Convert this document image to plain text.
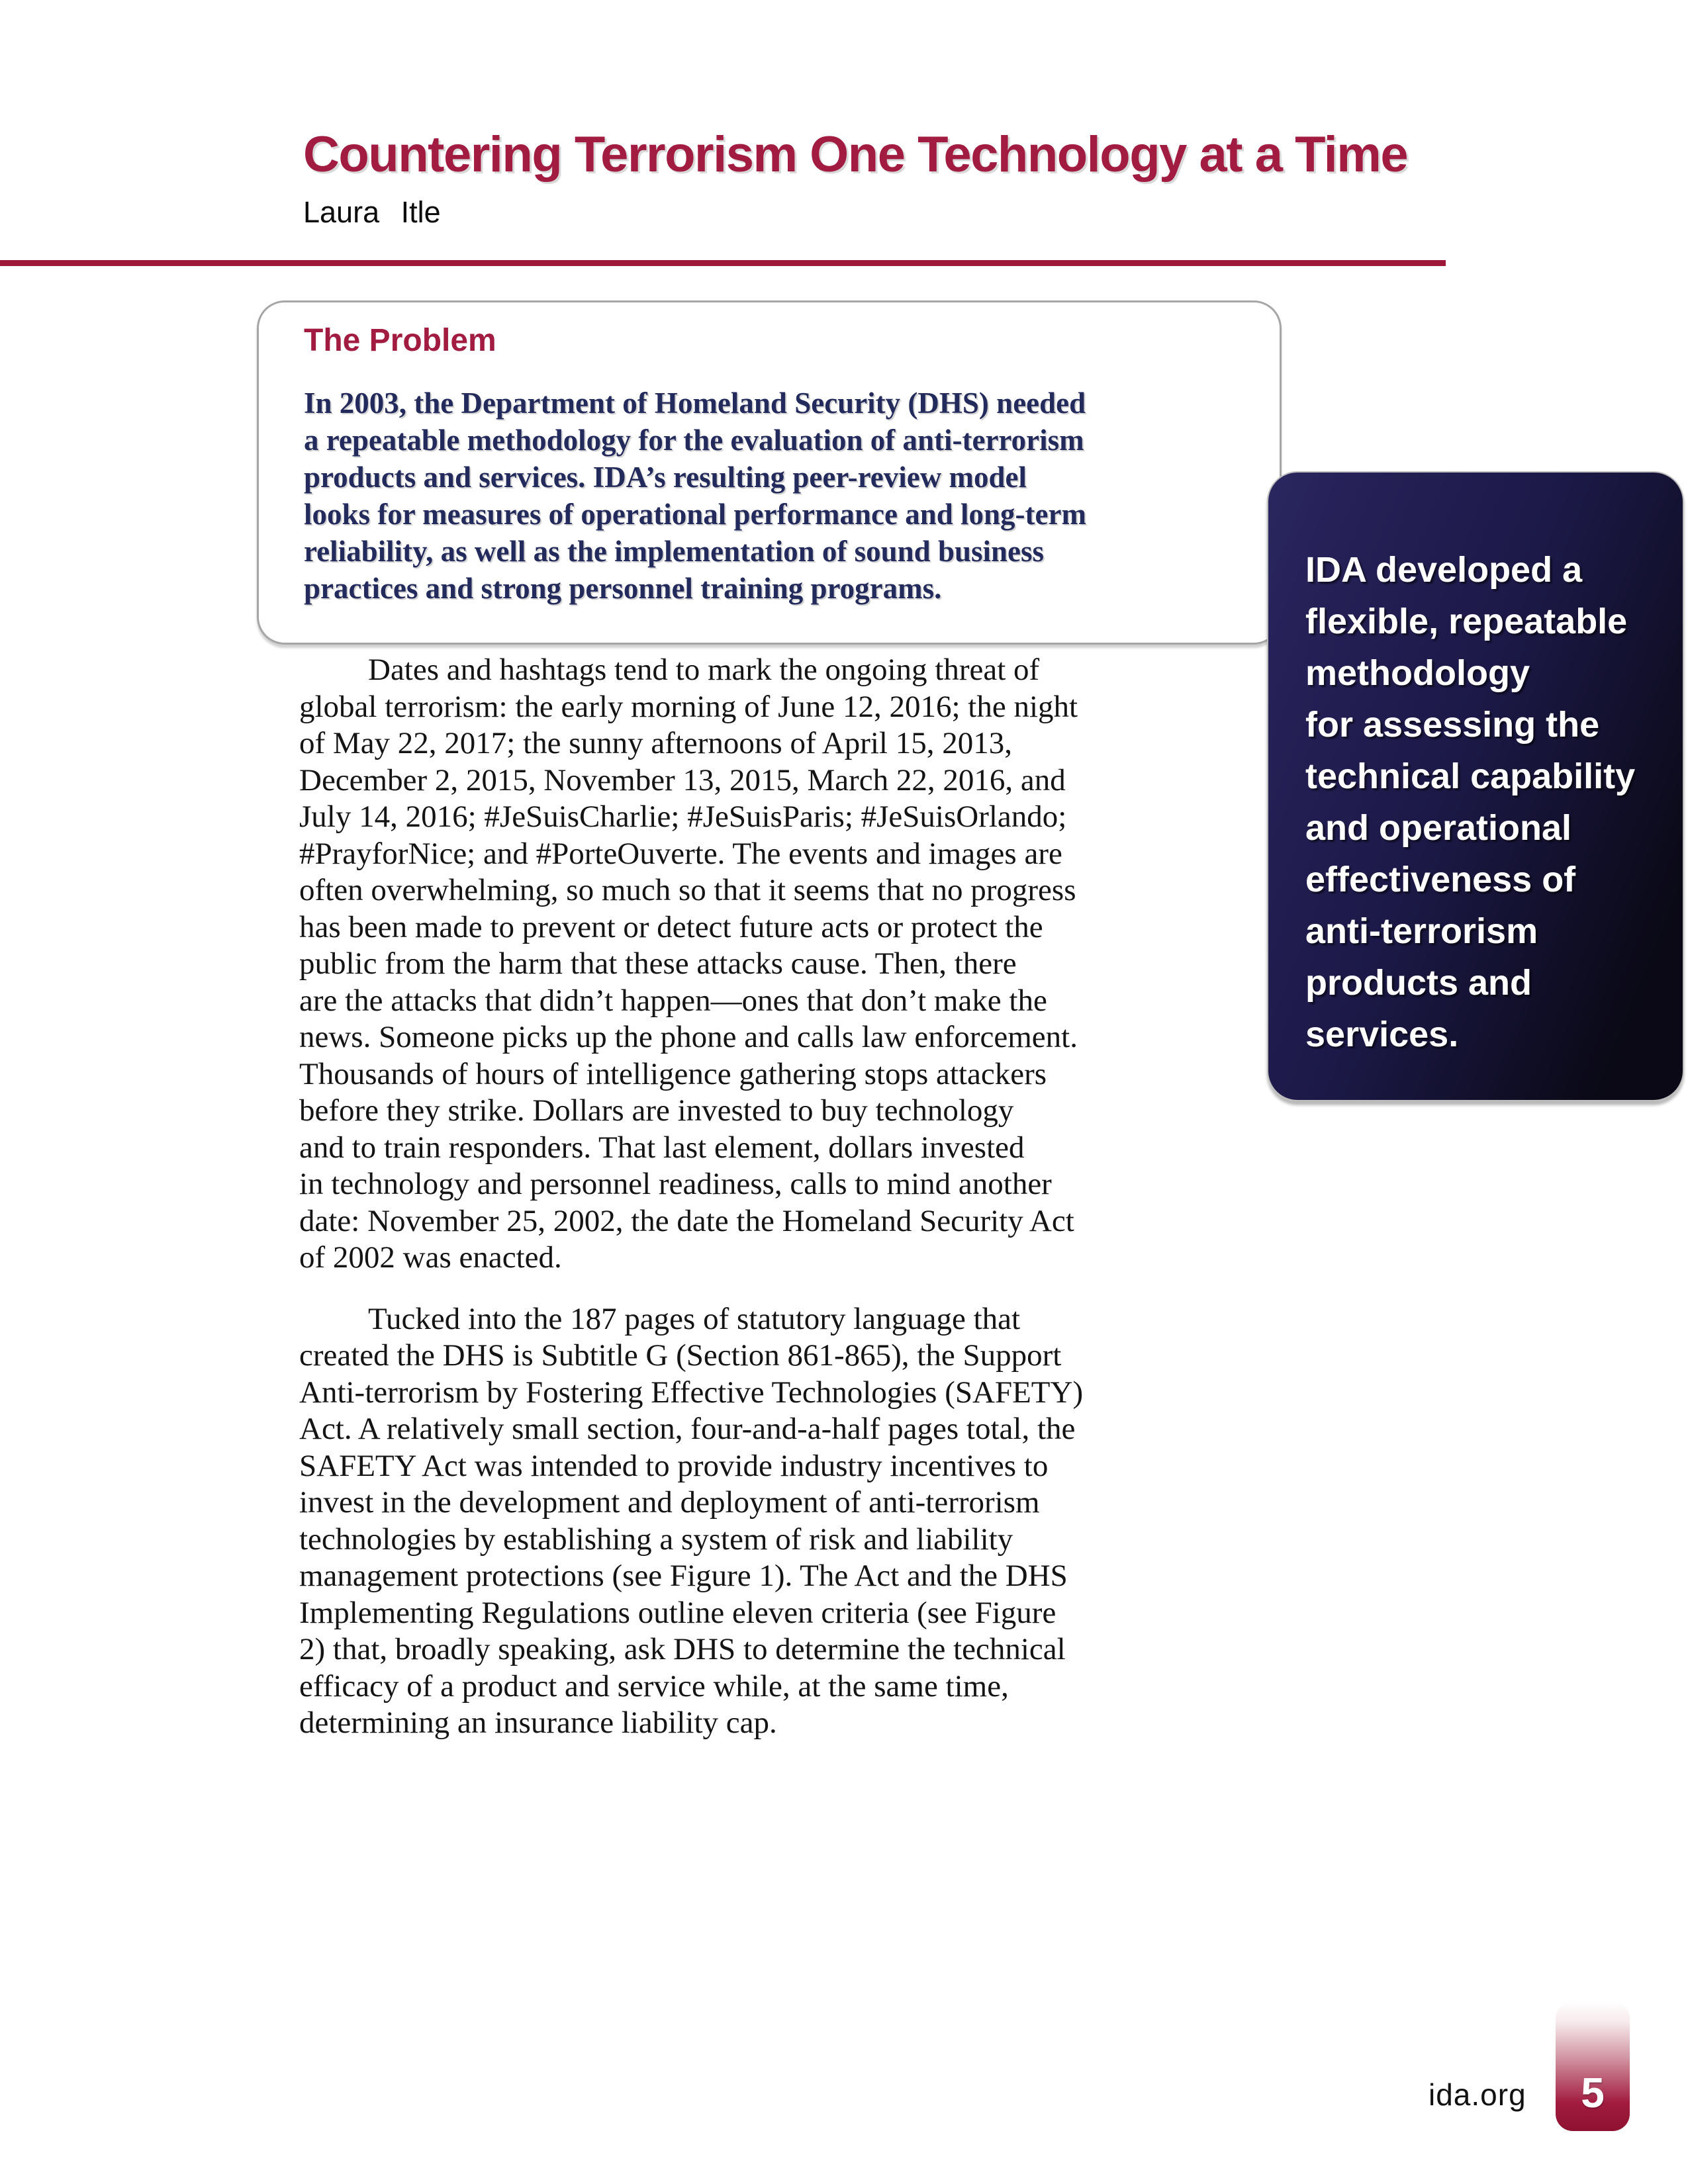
Countering Terrorism One Technology at a Time
Laura Itle
The Problem

In 2003, the Department of Homeland Security (DHS) needed
a repeatable methodology for the evaluation of anti-terrorism
products and services. IDA’s resulting peer-review model
looks for measures of operational performance and long-term
reliability, as well as the implementation of sound business
practices and strong personnel training programs.	IDA developed a
flexible, repeatable
methodology
for assessing the
technical capability
and operational
effectiveness of
anti-terrorism
products and
services.

Dates and hashtags tend to mark the ongoing threat of
global terrorism: the early morning of June 12, 2016; the night
of May 22, 2017; the sunny afternoons of April 15, 2013,
December 2, 2015, November 13, 2015, March 22, 2016, and
July 14, 2016; #JeSuisCharlie; #JeSuisParis; #JeSuisOrlando;
#PrayforNice; and #PorteOuverte. The events and images are
often overwhelming, so much so that it seems that no progress
has been made to prevent or detect future acts or protect the
public from the harm that these attacks cause. Then, there
are the attacks that didn’t happen—ones that don’t make the
news. Someone picks up the phone and calls law enforcement.
Thousands of hours of intelligence gathering stops attackers
before they strike. Dollars are invested to buy technology
and to train responders. That last element, dollars invested
in technology and personnel readiness, calls to mind another
date: November 25, 2002, the date the Homeland Security Act
of 2002 was enacted.

Tucked into the 187 pages of statutory language that
created the DHS is Subtitle G (Section 861-865), the Support
Anti-terrorism by Fostering Effective Technologies (SAFETY)
Act. A relatively small section, four-and-a-half pages total, the
SAFETY Act was intended to provide industry incentives to
invest in the development and deployment of anti-terrorism
technologies by establishing a system of risk and liability
management protections (see Figure 1). The Act and the DHS
Implementing Regulations outline eleven criteria (see Figure
2) that, broadly speaking, ask DHS to determine the technical
efficacy of a product and service while, at the same time,
determining an insurance liability cap.

ida.org 5
